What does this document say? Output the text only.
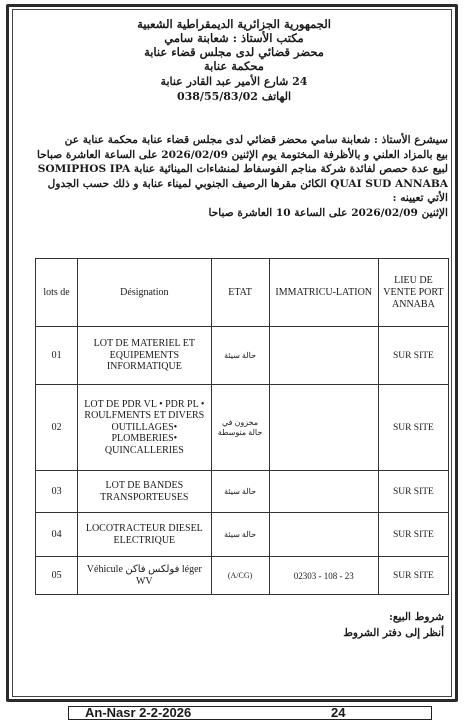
الجمهورية الجزائرية الديمقراطية الشعبية
مكتب الأستاذ : شعابنة سامي
محضر قضائي لدى مجلس قضاء عنابة
محكمة عنابة
24 شارع الأمير عبد القادر عنابة
الهاتف 038/55/83/02
سيشرع الأستاذ : شعابنة سامي محضر قضائي لدى مجلس قضاء عنابة محكمة عنابة عن
بيع بالمزاد العلني و بالأظرفة المختومة يوم الإثنين 2026/02/09 على الساعة العاشرة صباحا
لبيع عدة حصص لفائدة شركة مناجم الفوسفاط لمنشاءات المينائية عنابة SOMIPHOS IPA
QUAI SUD ANNABA الكائن مقرها الرصيف الجنوبي لميناء عنابة و ذلك حسب الجدول
الأتي تعيينه :
الإثنين 2026/02/09 على الساعة 10 العاشرة صباحا
lots de	Désignation	ETAT	IMMATRICU-LATION	LIEU DE VENTE PORT ANNABA
01	LOT DE MATERIEL ET EQUIPEMENTS INFORMATIQUE	حالة سيئة		SUR SITE
02	LOT DE PDR VL • PDR PL • ROULFMENTS ET DIVERS OUTILLAGES• PLOMBERIES• QUINCALLERIES	مخزون في حالة متوسطة		SUR SITE
03	LOT DE BANDES TRANSPORTEUSES	حالة سيئة		SUR SITE
04	LOCOTRACTEUR DIESEL ELECTRIQUE	حالة سيئة		SUR SITE
05	Véhicule فولكس فاكن léger WV	(A/CG)	02303 - 108 - 23	SUR SITE
شروط البيع:
أنظر إلى دفتر الشروط
An-Nasr 2-2-2026	24
